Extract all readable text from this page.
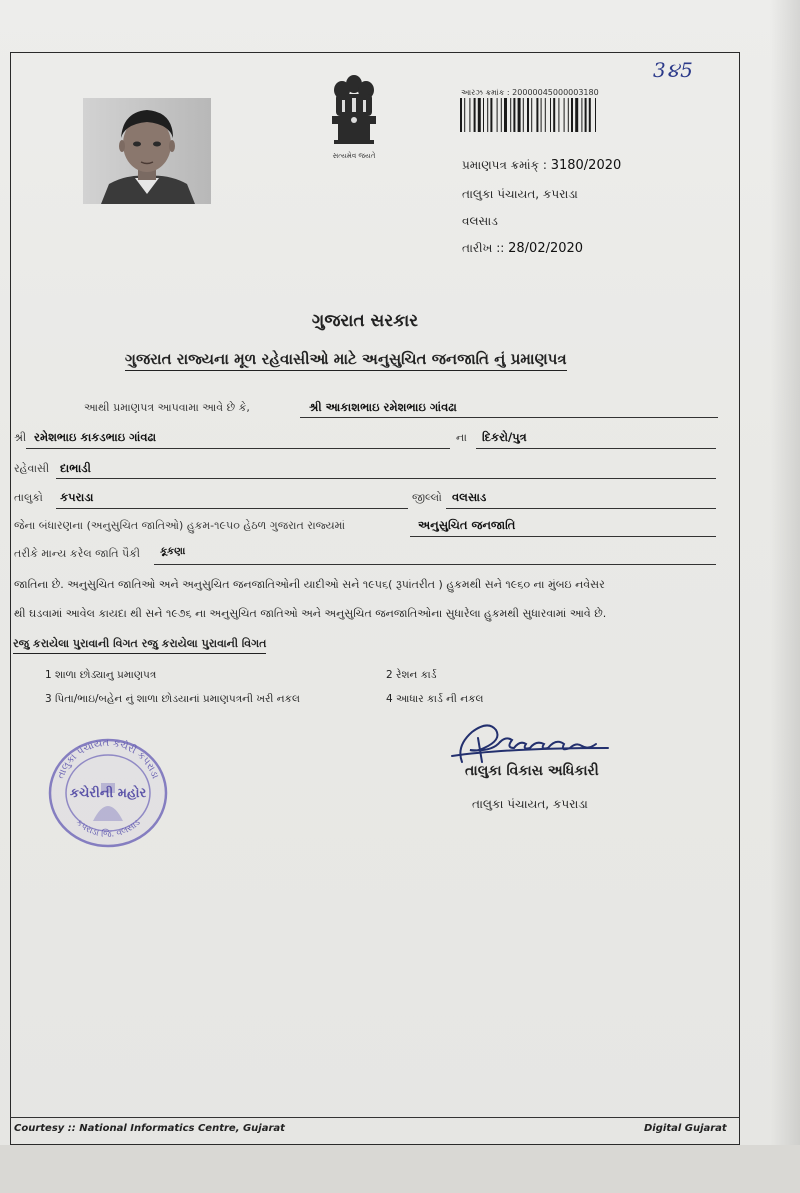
3૪5
સત્યમેવ જયતે
આરઝ ક્રમાંક : 20000045000003180
પ્રમાણપત્ર ક્રમાંક્ : 3180/2020
તાલુકા પંચાયત, કપરાડા
વલસાડ
તારીખ :: 28/02/2020
ગુજરાત સરકાર
ગુજરાત રાજ્યના મૂળ રહેવાસીઓ માટે અનુસુચિત જનજાતિ નું પ્રમાણપત્ર
આથી પ્રમાણપત્ર આપવામા આવે છે કે,	શ્રી આકાશભાઇ રમેશભાઇ ગાંવઢા
શ્રી રમેશભાઇ કાકડભાઇ ગાંવઢા	ના દિકરો/પુત્ર
રહેવાસી દાભાડી
તાલુકો કપરાડા	જીલ્લો વલસાડ
જેના બંધારણના (અનુસુચિત જાતિઓ) હુકમ-૧૯૫૦ હેઠળ ગુજરાત રાજ્યમાં	અનુસુચિત જનજાતિ
તરીકે માન્ય કરેલ જાતિ પૈકી કૂકણા
જાતિના છે. અનુસુચિત જાતિઓ અને અનુસુચિત જનજાતિઓની યાદીઓ સને ૧૯૫૬( રૂપાંતરીત ) હુકમથી સને ૧૯૬૦ ના મુંબઇ નવેસર
થી ઘડવામાં આવેલ કાયદા થી સને ૧૯૭૬ ના અનુસુચિત જાતિઓ અને અનુસુચિત જનજાતિઓના સુધારેલા હુકમથી સુધારવામાં આવે છે.
રજુ કરાયેલા પુરાવાની વિગત રજુ કરાયેલા પુરાવાની વિગત
1 શાળા છોડ્યાનુ પ્રમાણપત્ર	2 રેશન કાર્ડ
3 પિતા/ભાઇ/બહેન નું શાળા છોડયાનાં પ્રમાણપત્રની ખરી નકલ	4 આધાર કાર્ડ ની નકલ
તાલુકા પંચાયત કચેરી કપરાડા
કપરાડા જિ. વલસાડ
કચેરીની મહોર
તાલુકા વિકાસ અધિકારી
તાલુકા પંચાયત, કપરાડા
Courtesy :: National Informatics Centre, Gujarat	Digital Gujarat
